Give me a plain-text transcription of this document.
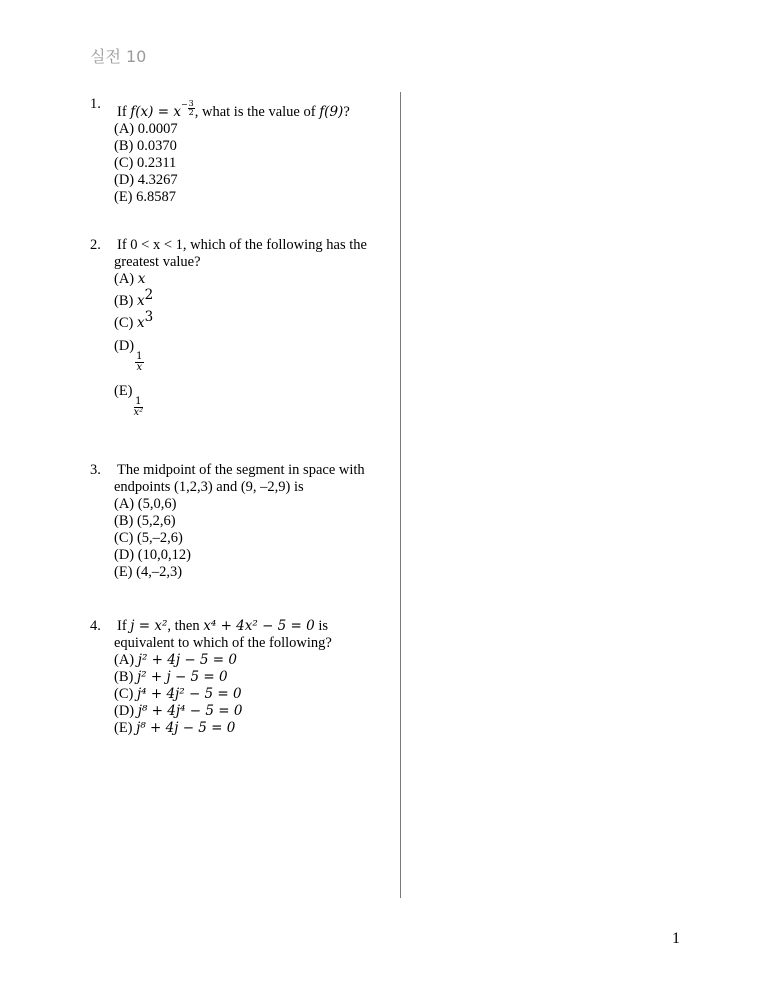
실전 10
1. If $f(x) = x^- \frac{3}{2}$ , what is the value of f(9)?
(A) 0.0007
(B) 0.0370
(C) 0.2311
(D) 4.3267
(E) 6.8587
2. If 0 < x < 1, which of the following has the
greatest value?
(A) x
(B) $x^2$
(C) $x^3$
(D)
$\frac{1}{x}$
(E)
$\frac{1}{\text{x²}}$
3. The midpoint of the segment in space with
endpoints (1,2,3) and (9, –2,9) is
(A) (5,0,6)
(B) (5,2,6)
(C) (5,–2,6)
(D) (10,0,12)
(E) (4,–2,3)
4. If j = x², then x⁴ + 4x² − 5 = 0 is
equivalent to which of the following?
(A) j² + 4j − 5 = 0
(B) j² + j − 5 = 0
(C) j⁴ + 4j² − 5 = 0
(D) j⁸ + 4j⁴ − 5 = 0
(E) j⁸ + 4j − 5 = 0
1
